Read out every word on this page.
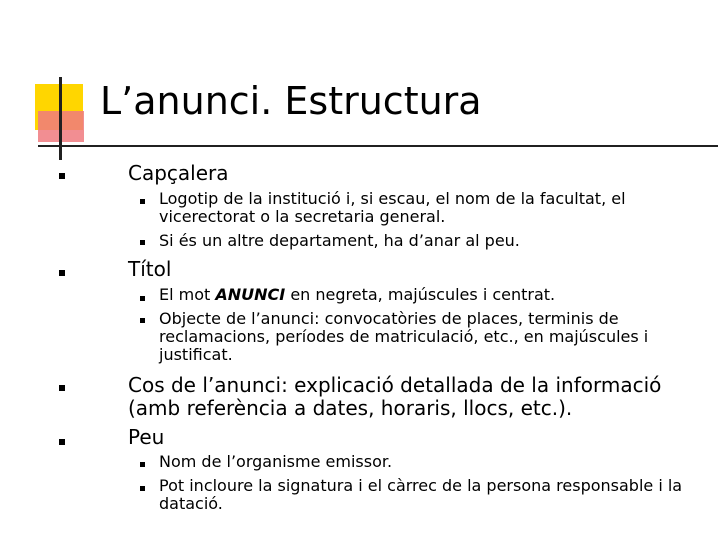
L’anunci. Estructura

Capçalera

Logotip de la institució i, si escau, el nom de la facultat, el vicerectorat o la secretaria general.

Si és un altre departament, ha d’anar al peu.

Títol

El mot ANUNCI en negreta, majúscules i centrat.

Objecte de l’anunci: convocatòries de places, terminis de reclamacions, períodes de matriculació, etc., en majúscules i justificat.

Cos de l’anunci: explicació detallada de la informació (amb referència a dates, horaris, llocs, etc.).

Peu

Nom de l’organisme emissor.

Pot incloure la signatura i el càrrec de la persona responsable i la datació.
